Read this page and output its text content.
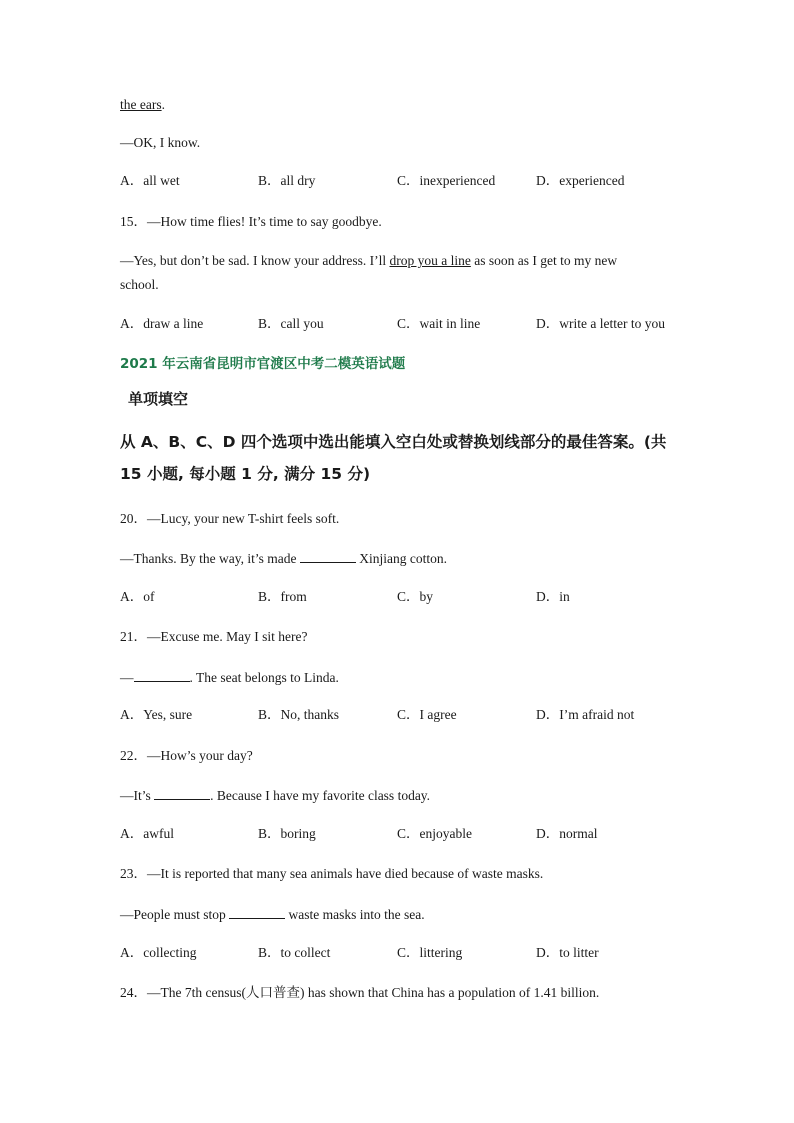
the ears.
—OK, I know.
A．all wet	B．all dry	C．inexperienced	D．experienced
15．—How time flies! It’s time to say goodbye.
—Yes, but don’t be sad. I know your address. I’ll drop you a line as soon as I get to my new
school.
A．draw a line	B．call you	C．wait in line	D．write a letter to you
2021 年云南省昆明市官渡区中考二模英语试题
单项填空
从 A、B、C、D 四个选项中选出能填入空白处或替换划线部分的最佳答案。(共 15 小题, 每小题 1 分, 满分 15 分)
20．—Lucy, your new T-shirt feels soft.
—Thanks. By the way, it’s made	Xinjiang cotton.
A．of	B．from	C．by	D．in
21．—Excuse me. May I sit here?
—	. The seat belongs to Linda.
A．Yes, sure	B．No, thanks	C．I agree	D．I’m afraid not
22．—How’s your day?
—It’s	. Because I have my favorite class today.
A．awful	B．boring	C．enjoyable	D．normal
23．—It is reported that many sea animals have died because of waste masks.
—People must stop	waste masks into the sea.
A．collecting	B．to collect	C．littering	D．to litter
24．—The 7th census(人口普查) has shown that China has a population of 1.41 billion.
